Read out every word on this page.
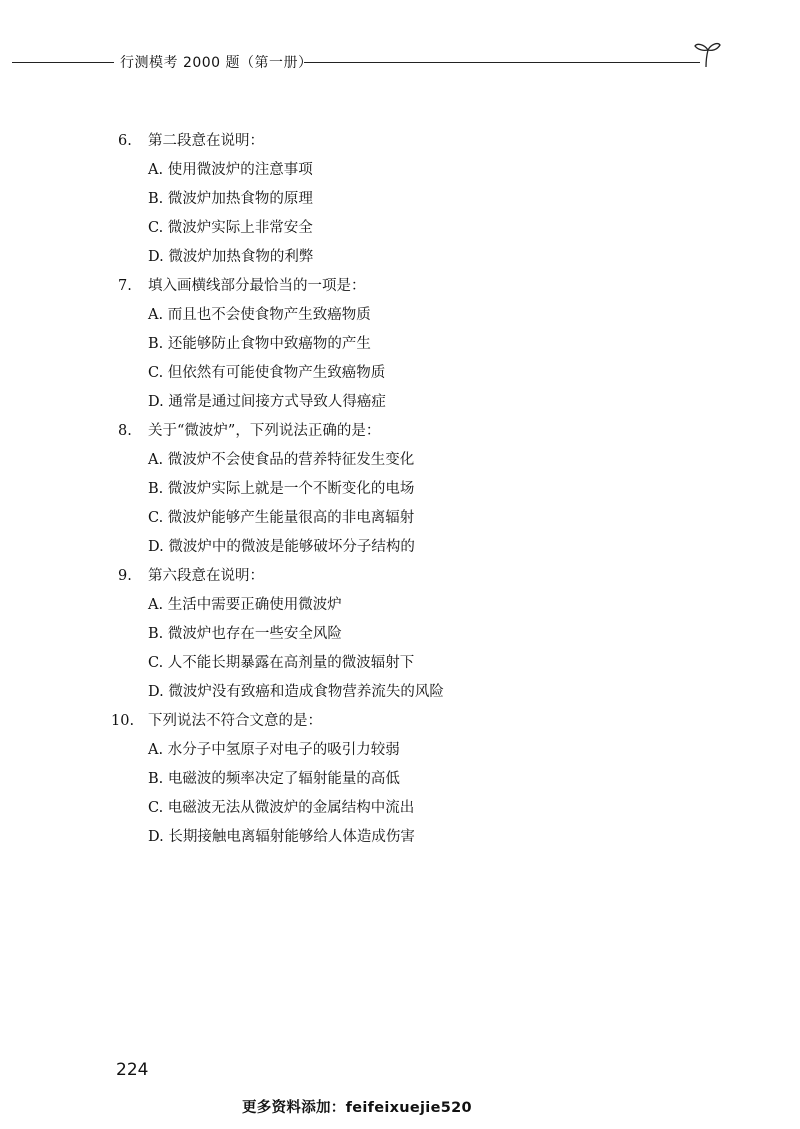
行测模考 2000 题（第一册）
6. 第二段意在说明：
A. 使用微波炉的注意事项
B. 微波炉加热食物的原理
C. 微波炉实际上非常安全
D. 微波炉加热食物的利弊
7. 填入画横线部分最恰当的一项是：
A. 而且也不会使食物产生致癌物质
B. 还能够防止食物中致癌物的产生
C. 但依然有可能使食物产生致癌物质
D. 通常是通过间接方式导致人得癌症
8. 关于“微波炉”，下列说法正确的是：
A. 微波炉不会使食品的营养特征发生变化
B. 微波炉实际上就是一个不断变化的电场
C. 微波炉能够产生能量很高的非电离辐射
D. 微波炉中的微波是能够破坏分子结构的
9. 第六段意在说明：
A. 生活中需要正确使用微波炉
B. 微波炉也存在一些安全风险
C. 人不能长期暴露在高剂量的微波辐射下
D. 微波炉没有致癌和造成食物营养流失的风险
10. 下列说法不符合文意的是：
A. 水分子中氢原子对电子的吸引力较弱
B. 电磁波的频率决定了辐射能量的高低
C. 电磁波无法从微波炉的金属结构中流出
D. 长期接触电离辐射能够给人体造成伤害
224
更多资料添加：feifeixuejie520
